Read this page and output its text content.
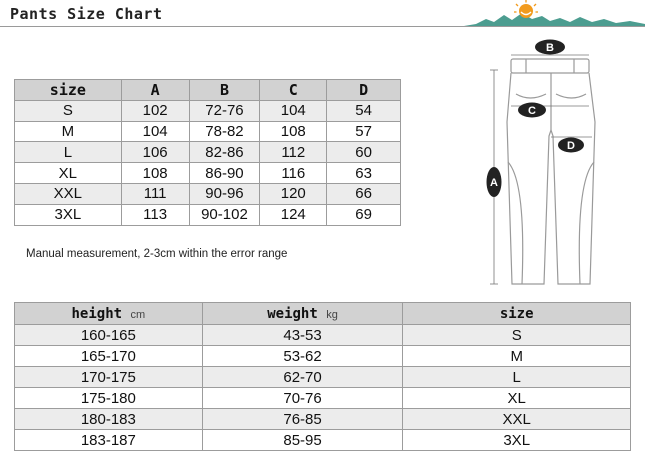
Pants Size Chart
size	A	B	C	D
S	102	72-76	104	54
M	104	78-82	108	57
L	106	82-86	112	60
XL	108	86-90	116	63
XXL	111	90-96	120	66
3XL	113	90-102	124	69
Manual measurement, 2-3cm within the error range
B
C
D
A
height cm	weight kg	size
160-165	43-53	S
165-170	53-62	M
170-175	62-70	L
175-180	70-76	XL
180-183	76-85	XXL
183-187	85-95	3XL
